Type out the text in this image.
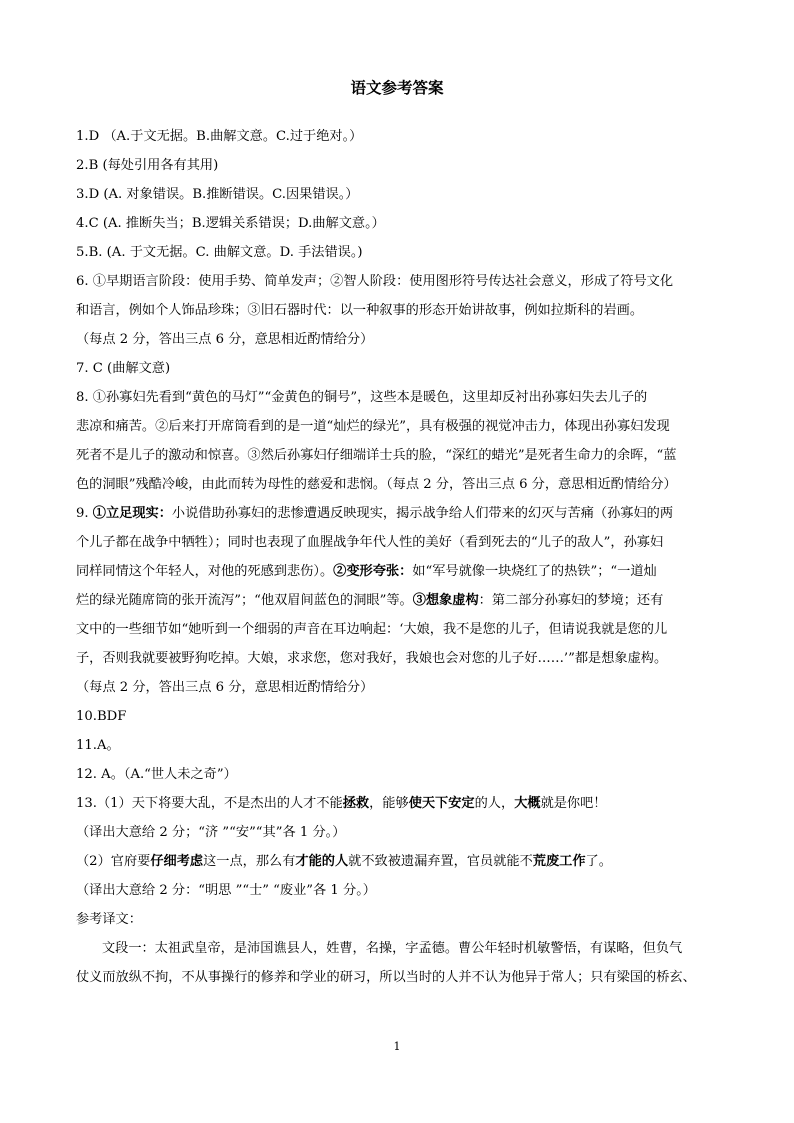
语文参考答案
1.D （A.于文无据。B.曲解文意。C.过于绝对。）
2.B (每处引用各有其用)
3.D (A. 对象错误。B.推断错误。C.因果错误。）
4.C (A. 推断失当；B.逻辑关系错误；D.曲解文意。）
5.B. (A. 于文无据。C. 曲解文意。D. 手法错误。)
6. ①早期语言阶段：使用手势、简单发声；②智人阶段：使用图形符号传达社会意义，形成了符号文化
和语言，例如个人饰品珍珠；③旧石器时代：以一种叙事的形态开始讲故事，例如拉斯科的岩画。
（每点 2 分，答出三点 6 分，意思相近酌情给分）
7. C (曲解文意)
8. ①孙寡妇先看到“黄色的马灯”“金黄色的铜号”，这些本是暖色，这里却反衬出孙寡妇失去儿子的
悲凉和痛苦。②后来打开席筒看到的是一道“灿烂的绿光”，具有极强的视觉冲击力，体现出孙寡妇发现
死者不是儿子的激动和惊喜。③然后孙寡妇仔细端详士兵的脸，“深红的蜡光”是死者生命力的余晖，“蓝
色的洞眼”残酷冷峻，由此而转为母性的慈爱和悲悯。（每点 2 分，答出三点 6 分，意思相近酌情给分）
9. ①立足现实：小说借助孙寡妇的悲惨遭遇反映现实，揭示战争给人们带来的幻灭与苦痛（孙寡妇的两
个儿子都在战争中牺牲）；同时也表现了血腥战争年代人性的美好（看到死去的“儿子的敌人”，孙寡妇
同样同情这个年轻人，对他的死感到悲伤）。②变形夸张：如“军号就像一块烧红了的热铁”；“一道灿
烂的绿光随席筒的张开流泻”；“他双眉间蓝色的洞眼”等。③想象虚构：第二部分孙寡妇的梦境；还有
文中的一些细节如“她听到一个细弱的声音在耳边响起：‘大娘，我不是您的儿子，但请说我就是您的儿
子，否则我就要被野狗吃掉。大娘，求求您，您对我好，我娘也会对您的儿子好……’”都是想象虚构。
（每点 2 分，答出三点 6 分，意思相近酌情给分）
10.BDF
11.A。
12. A。（A.“世人未之奇”）
13.（1）天下将要大乱，不是杰出的人才不能拯救，能够使天下安定的人，大概就是你吧！
（译出大意给 2 分；“济 ”“安”“其”各 1 分。）
（2）官府要仔细考虑这一点，那么有才能的人就不致被遗漏弃置，官员就能不荒废工作了。
（译出大意给 2 分：“明思 ”“士” “废业”各 1 分。）
参考译文：
文段一：太祖武皇帝，是沛国谯县人，姓曹，名操，字孟德。曹公年轻时机敏警悟，有谋略，但负气
仗义而放纵不拘，不从事操行的修养和学业的研习，所以当时的人并不认为他异于常人；只有梁国的桥玄、
1
